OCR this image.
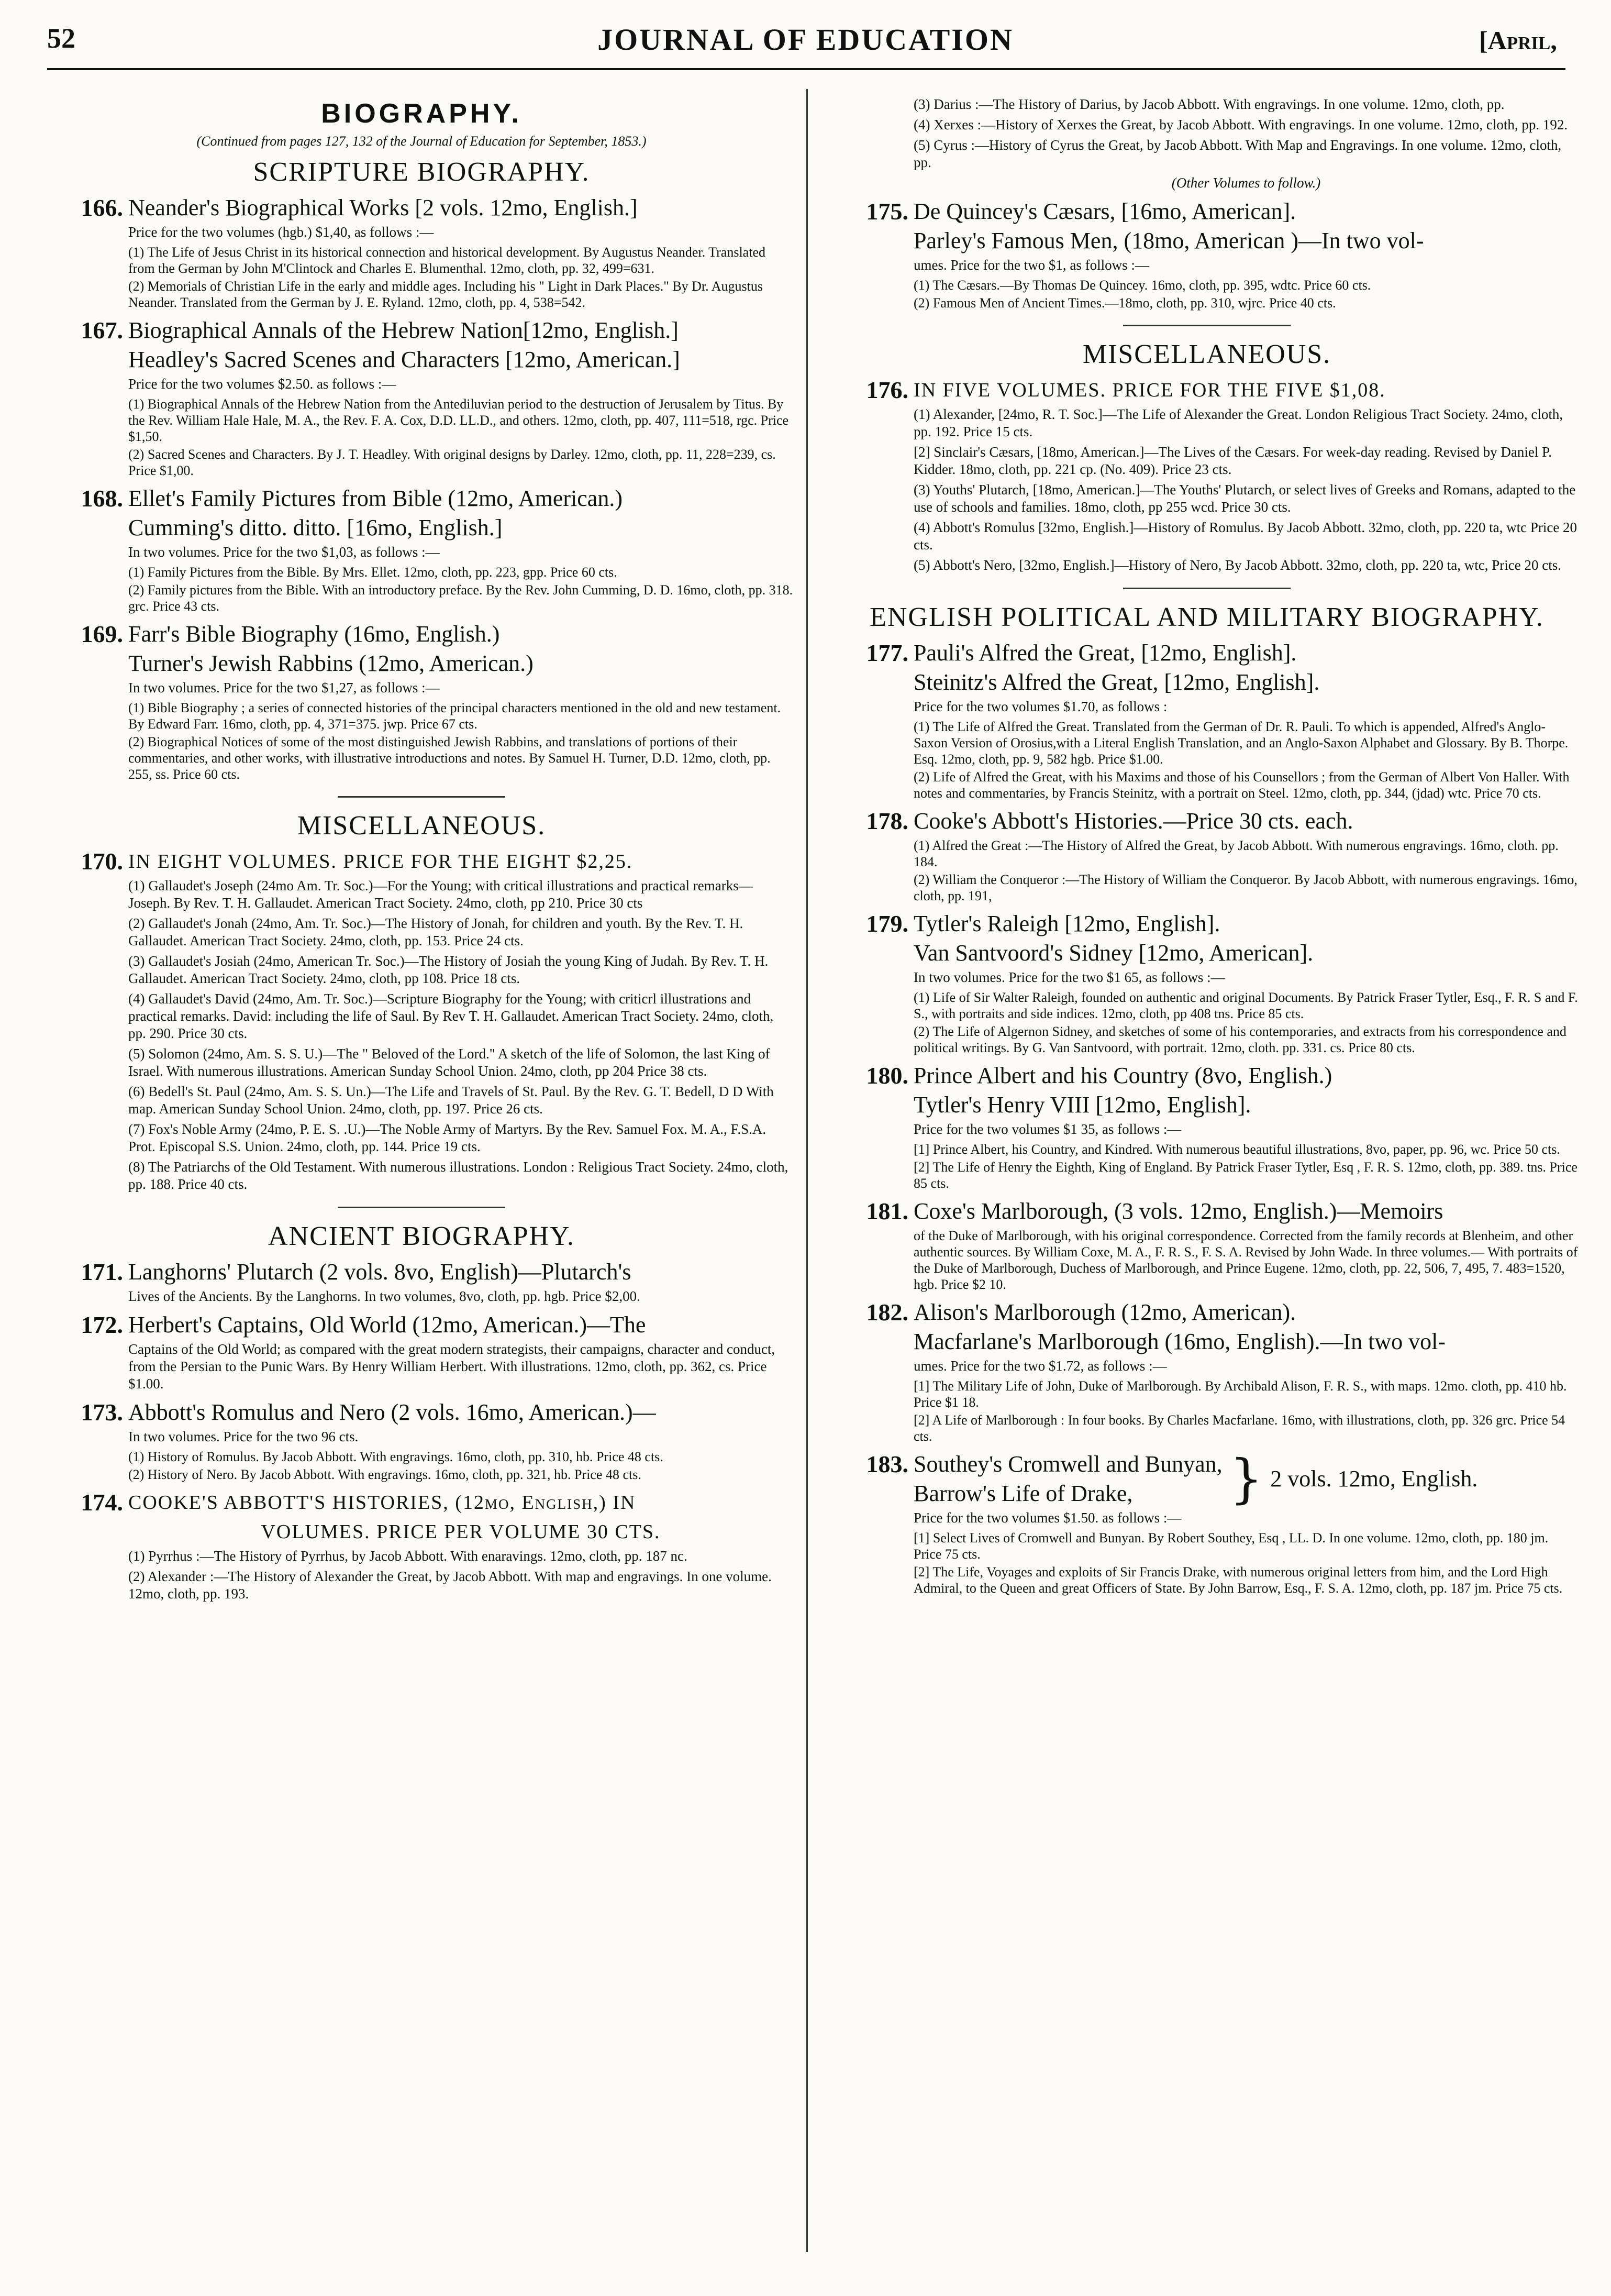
52	JOURNAL OF EDUCATION	[April,
BIOGRAPHY.
(Continued from pages 127, 132 of the Journal of Education for September, 1853.)
SCRIPTURE BIOGRAPHY.
166. Neander's Biographical Works [2 vols. 12mo, English.]
Price for the two volumes (hgb.) $1,40, as follows :—
(1) The Life of Jesus Christ in its historical connection and historical development. By Augustus Neander. Translated from the German by John M'Clintock and Charles E. Blumenthal. 12mo, cloth, pp. 32, 499=631.
(2) Memorials of Christian Life in the early and middle ages. Including his " Light in Dark Places." By Dr. Augustus Neander. Translated from the German by J. E. Ryland. 12mo, cloth, pp. 4, 538=542.
167. Biographical Annals of the Hebrew Nation[12mo, English.]
Headley's Sacred Scenes and Characters [12mo, American.]
Price for the two volumes $2.50. as follows :—
(1) Biographical Annals of the Hebrew Nation from the Antediluvian period to the destruction of Jerusalem by Titus. By the Rev. William Hale Hale, M. A., the Rev. F. A. Cox, D.D. LL.D., and others. 12mo, cloth, pp. 407, 111=518, rgc. Price $1,50.
(2) Sacred Scenes and Characters. By J. T. Headley. With original designs by Darley. 12mo, cloth, pp. 11, 228=239, cs. Price $1,00.
168. Ellet's Family Pictures from Bible (12mo, American.)
Cumming's ditto. ditto. [16mo, English.]
In two volumes. Price for the two $1,03, as follows :—
(1) Family Pictures from the Bible. By Mrs. Ellet. 12mo, cloth, pp. 223, gpp. Price 60 cts.
(2) Family pictures from the Bible. With an introductory preface. By the Rev. John Cumming, D. D. 16mo, cloth, pp. 318. grc. Price 43 cts.
169. Farr's Bible Biography (16mo, English.)
Turner's Jewish Rabbins (12mo, American.)
In two volumes. Price for the two $1,27, as follows :—
(1) Bible Biography ; a series of connected histories of the principal characters mentioned in the old and new testament. By Edward Farr. 16mo, cloth, pp. 4, 371=375. jwp. Price 67 cts.
(2) Biographical Notices of some of the most distinguished Jewish Rabbins, and translations of portions of their commentaries, and other works, with illustrative introductions and notes. By Samuel H. Turner, D.D. 12mo, cloth, pp. 255, ss. Price 60 cts.
MISCELLANEOUS.
170. IN EIGHT VOLUMES. PRICE FOR THE EIGHT $2,25.
(1) Gallaudet's Joseph (24mo Am. Tr. Soc.)—For the Young; with critical illustrations and practical remarks—Joseph. By Rev. T. H. Gallaudet. American Tract Society. 24mo, cloth, pp 210. Price 30 cts
(2) Gallaudet's Jonah (24mo, Am. Tr. Soc.)—The History of Jonah, for children and youth. By the Rev. T. H. Gallaudet. American Tract Society. 24mo, cloth, pp. 153. Price 24 cts.
(3) Gallaudet's Josiah (24mo, American Tr. Soc.)—The History of Josiah the young King of Judah. By Rev. T. H. Gallaudet. American Tract Society. 24mo, cloth, pp 108. Price 18 cts.
(4) Gallaudet's David (24mo, Am. Tr. Soc.)—Scripture Biography for the Young; with criticrl illustrations and practical remarks. David: including the life of Saul. By Rev T. H. Gallaudet. American Tract Society. 24mo, cloth, pp. 290. Price 30 cts.
(5) Solomon (24mo, Am. S. S. U.)—The " Beloved of the Lord." A sketch of the life of Solomon, the last King of Israel. With numerous illustrations. American Sunday School Union. 24mo, cloth, pp 204 Price 38 cts.
(6) Bedell's St. Paul (24mo, Am. S. S. Un.)—The Life and Travels of St. Paul. By the Rev. G. T. Bedell, D D With map. American Sunday School Union. 24mo, cloth, pp. 197. Price 26 cts.
(7) Fox's Noble Army (24mo, P. E. S. .U.)—The Noble Army of Martyrs. By the Rev. Samuel Fox. M. A., F.S.A. Prot. Episcopal S.S. Union. 24mo, cloth, pp. 144. Price 19 cts.
(8) The Patriarchs of the Old Testament. With numerous illustrations. London : Religious Tract Society. 24mo, cloth, pp. 188. Price 40 cts.
ANCIENT BIOGRAPHY.
171. Langhorns' Plutarch (2 vols. 8vo, English)—Plutarch's
Lives of the Ancients. By the Langhorns. In two volumes, 8vo, cloth, pp. hgb. Price $2,00.
172. Herbert's Captains, Old World (12mo, American.)—The
Captains of the Old World; as compared with the great modern strategists, their campaigns, character and conduct, from the Persian to the Punic Wars. By Henry William Herbert. With illustrations. 12mo, cloth, pp. 362, cs. Price $1.00.
173. Abbott's Romulus and Nero (2 vols. 16mo, American.)—
In two volumes. Price for the two 96 cts.
(1) History of Romulus. By Jacob Abbott. With engravings. 16mo, cloth, pp. 310, hb. Price 48 cts.
(2) History of Nero. By Jacob Abbott. With engravings. 16mo, cloth, pp. 321, hb. Price 48 cts.
174. COOKE'S ABBOTT'S HISTORIES, (12mo, English,) IN
VOLUMES. PRICE PER VOLUME 30 CTS.
(1) Pyrrhus :—The History of Pyrrhus, by Jacob Abbott. With enaravings. 12mo, cloth, pp. 187 nc.
(2) Alexander :—The History of Alexander the Great, by Jacob Abbott. With map and engravings. In one volume. 12mo, cloth, pp. 193.
(3) Darius :—The History of Darius, by Jacob Abbott. With engravings. In one volume. 12mo, cloth, pp.
(4) Xerxes :—History of Xerxes the Great, by Jacob Abbott. With engravings. In one volume. 12mo, cloth, pp. 192.
(5) Cyrus :—History of Cyrus the Great, by Jacob Abbott. With Map and Engravings. In one volume. 12mo, cloth, pp.
(Other Volumes to follow.)
175. De Quincey's Cæsars, [16mo, American].
Parley's Famous Men, (18mo, American )—In two vol-
umes. Price for the two $1, as follows :—
(1) The Cæsars.—By Thomas De Quincey. 16mo, cloth, pp. 395, wdtc. Price 60 cts.
(2) Famous Men of Ancient Times.—18mo, cloth, pp. 310, wjrc. Price 40 cts.
MISCELLANEOUS.
176. IN FIVE VOLUMES. PRICE FOR THE FIVE $1,08.
(1) Alexander, [24mo, R. T. Soc.]—The Life of Alexander the Great. London Religious Tract Society. 24mo, cloth, pp. 192. Price 15 cts.
[2] Sinclair's Cæsars, [18mo, American.]—The Lives of the Cæsars. For week-day reading. Revised by Daniel P. Kidder. 18mo, cloth, pp. 221 cp. (No. 409). Price 23 cts.
(3) Youths' Plutarch, [18mo, American.]—The Youths' Plutarch, or select lives of Greeks and Romans, adapted to the use of schools and families. 18mo, cloth, pp 255 wcd. Price 30 cts.
(4) Abbott's Romulus [32mo, English.]—History of Romulus. By Jacob Abbott. 32mo, cloth, pp. 220 ta, wtc Price 20 cts.
(5) Abbott's Nero, [32mo, English.]—History of Nero, By Jacob Abbott. 32mo, cloth, pp. 220 ta, wtc, Price 20 cts.
ENGLISH POLITICAL AND MILITARY BIOGRAPHY.
177. Pauli's Alfred the Great, [12mo, English].
Steinitz's Alfred the Great, [12mo, English].
Price for the two volumes $1.70, as follows :
(1) The Life of Alfred the Great. Translated from the German of Dr. R. Pauli. To which is appended, Alfred's Anglo-Saxon Version of Orosius,with a Literal English Translation, and an Anglo-Saxon Alphabet and Glossary. By B. Thorpe. Esq. 12mo, cloth, pp. 9, 582 hgb. Price $1.00.
(2) Life of Alfred the Great, with his Maxims and those of his Counsellors ; from the German of Albert Von Haller. With notes and commentaries, by Francis Steinitz, with a portrait on Steel. 12mo, cloth, pp. 344, (jdad) wtc. Price 70 cts.
178. Cooke's Abbott's Histories.—Price 30 cts. each.
(1) Alfred the Great :—The History of Alfred the Great, by Jacob Abbott. With numerous engravings. 16mo, cloth. pp. 184.
(2) William the Conqueror :—The History of William the Conqueror. By Jacob Abbott, with numerous engravings. 16mo, cloth, pp. 191,
179. Tytler's Raleigh [12mo, English].
Van Santvoord's Sidney [12mo, American].
In two volumes. Price for the two $1 65, as follows :—
(1) Life of Sir Walter Raleigh, founded on authentic and original Documents. By Patrick Fraser Tytler, Esq., F. R. S and F. S., with portraits and side indices. 12mo, cloth, pp 408 tns. Price 85 cts.
(2) The Life of Algernon Sidney, and sketches of some of his contemporaries, and extracts from his correspondence and political writings. By G. Van Santvoord, with portrait. 12mo, cloth. pp. 331. cs. Price 80 cts.
180. Prince Albert and his Country (8vo, English.)
Tytler's Henry VIII [12mo, English].
Price for the two volumes $1 35, as follows :—
[1] Prince Albert, his Country, and Kindred. With numerous beautiful illustrations, 8vo, paper, pp. 96, wc. Price 50 cts.
[2] The Life of Henry the Eighth, King of England. By Patrick Fraser Tytler, Esq , F. R. S. 12mo, cloth, pp. 389. tns. Price 85 cts.
181. Coxe's Marlborough, (3 vols. 12mo, English.)—Memoirs
of the Duke of Marlborough, with his original correspondence. Corrected from the family records at Blenheim, and other authentic sources. By William Coxe, M. A., F. R. S., F. S. A. Revised by John Wade. In three volumes.— With portraits of the Duke of Marlborough, Duchess of Marlborough, and Prince Eugene. 12mo, cloth, pp. 22, 506, 7, 495, 7. 483=1520, hgb. Price $2 10.
182. Alison's Marlborough (12mo, American).
Macfarlane's Marlborough (16mo, English).—In two vol-
umes. Price for the two $1.72, as follows :—
[1] The Military Life of John, Duke of Marlborough. By Archibald Alison, F. R. S., with maps. 12mo. cloth, pp. 410 hb. Price $1 18.
[2] A Life of Marlborough : In four books. By Charles Macfarlane. 16mo, with illustrations, cloth, pp. 326 grc. Price 54 cts.
183. Southey's Cromwell and Bunyan,
Barrow's Life of Drake,	} 2 vols. 12mo, English.
Price for the two volumes $1.50. as follows :—
[1] Select Lives of Cromwell and Bunyan. By Robert Southey, Esq , LL. D. In one volume. 12mo, cloth, pp. 180 jm. Price 75 cts.
[2] The Life, Voyages and exploits of Sir Francis Drake, with numerous original letters from him, and the Lord High Admiral, to the Queen and great Officers of State. By John Barrow, Esq., F. S. A. 12mo, cloth, pp. 187 jm. Price 75 cts.
